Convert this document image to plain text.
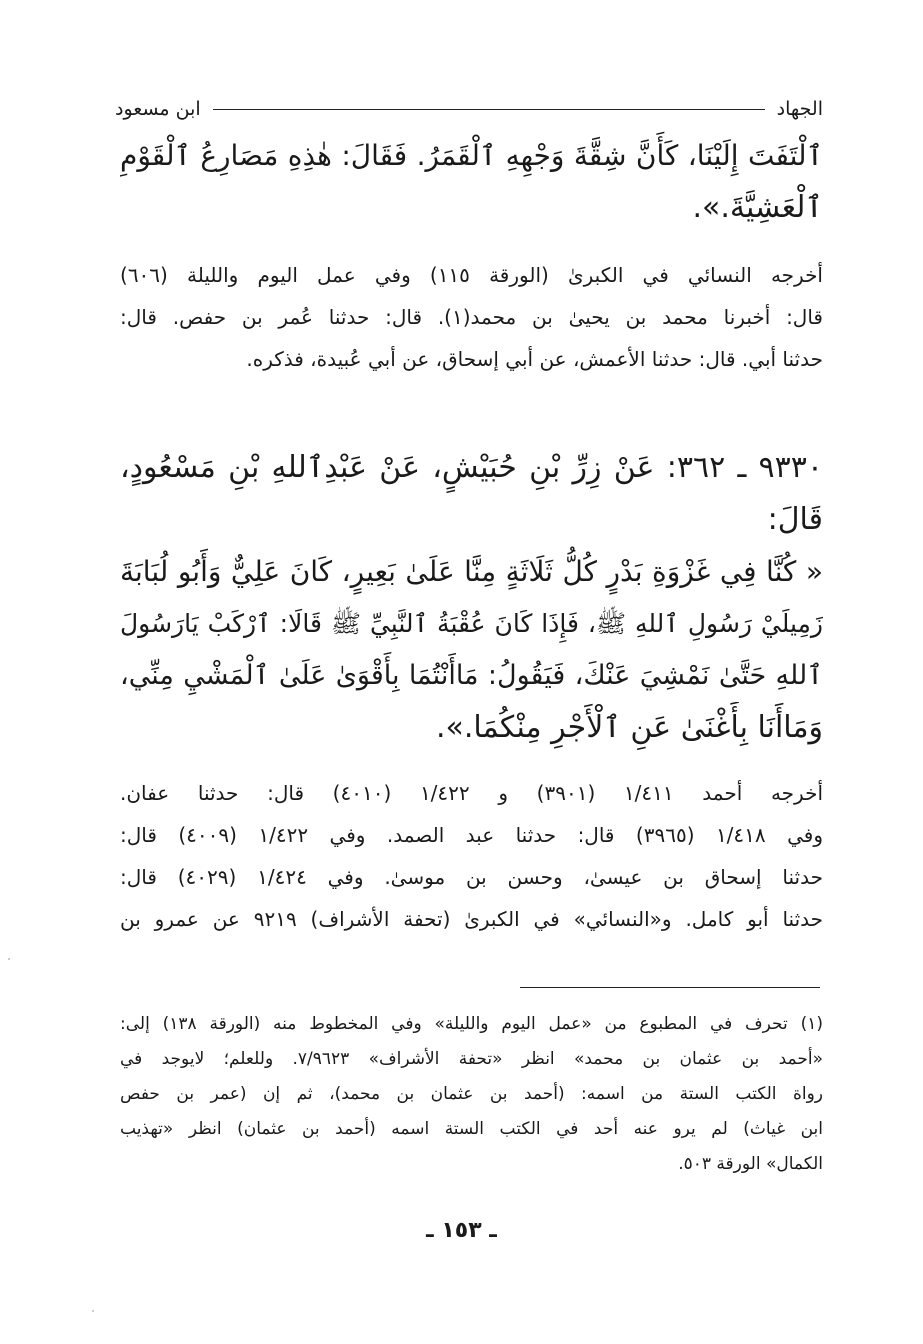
الجهاد
ابن مسعود
ٱلْتَفَتَ إِلَيْنَا، كَأَنَّ شِقَّةَ وَجْهِهِ ٱلْقَمَرُ. فَقَالَ: هٰذِهِ مَصَارِعُ ٱلْقَوْمِ
ٱلْعَشِيَّةَ.».
أخرجه النسائي في الكبرىٰ (الورقة ١١٥) وفي عمل اليوم والليلة (٦٠٦)
قال: أخبرنا محمد بن يحيىٰ بن محمد(١). قال: حدثنا عُمر بن حفص. قال:
حدثنا أبي. قال: حدثنا الأعمش، عن أبي إسحاق، عن أبي عُبيدة، فذكره.
٩٣٣٠ ـ ٣٦٢: عَنْ زِرِّ بْنِ حُبَيْشٍ، عَنْ عَبْدِٱللهِ بْنِ مَسْعُودٍ،
قَالَ:
« كُنَّا فِي غَزْوَةِ بَدْرٍ كُلُّ ثَلَاثَةٍ مِنَّا عَلَىٰ بَعِيرٍ، كَانَ عَلِيٌّ وَأَبُو لُبَابَةَ
زَمِيلَيْ رَسُولِ ٱللهِ ﷺ، فَإِذَا كَانَ عُقْبَةُ ٱلنَّبِيِّ ﷺ قَالَا: ٱرْكَبْ يَارَسُولَ
ٱللهِ حَتَّىٰ نَمْشِيَ عَنْكَ، فَيَقُولُ: مَاأَنْتُمَا بِأَقْوَىٰ عَلَىٰ ٱلْمَشْيِ مِنِّي،
وَمَاأَنَا بِأَغْنَىٰ عَنِ ٱلْأَجْرِ مِنْكُمَا.».
أخرجه أحمد ١/٤١١ (٣٩٠١) و ١/٤٢٢ (٤٠١٠) قال: حدثنا عفان.
وفي ١/٤١٨ (٣٩٦٥) قال: حدثنا عبد الصمد. وفي ١/٤٢٢ (٤٠٠٩) قال:
حدثنا إسحاق بن عيسىٰ، وحسن بن موسىٰ. وفي ١/٤٢٤ (٤٠٢٩) قال:
حدثنا أبو كامل. و«النسائي» في الكبرىٰ (تحفة الأشراف) ٩٢١٩ عن عمرو بن
(١) تحرف في المطبوع من «عمل اليوم والليلة» وفي المخطوط منه (الورقة ١٣٨) إلى:
«أحمد بن عثمان بن محمد» انظر «تحفة الأشراف» ٧/٩٦٢٣. وللعلم؛ لايوجد في
رواة الكتب الستة من اسمه: (أحمد بن عثمان بن محمد)، ثم إن (عمر بن حفص
ابن غياث) لم يرو عنه أحد في الكتب الستة اسمه (أحمد بن عثمان) انظر «تهذيب
الكمال» الورقة ٥٠٣.
ـ ١٥٣ ـ
